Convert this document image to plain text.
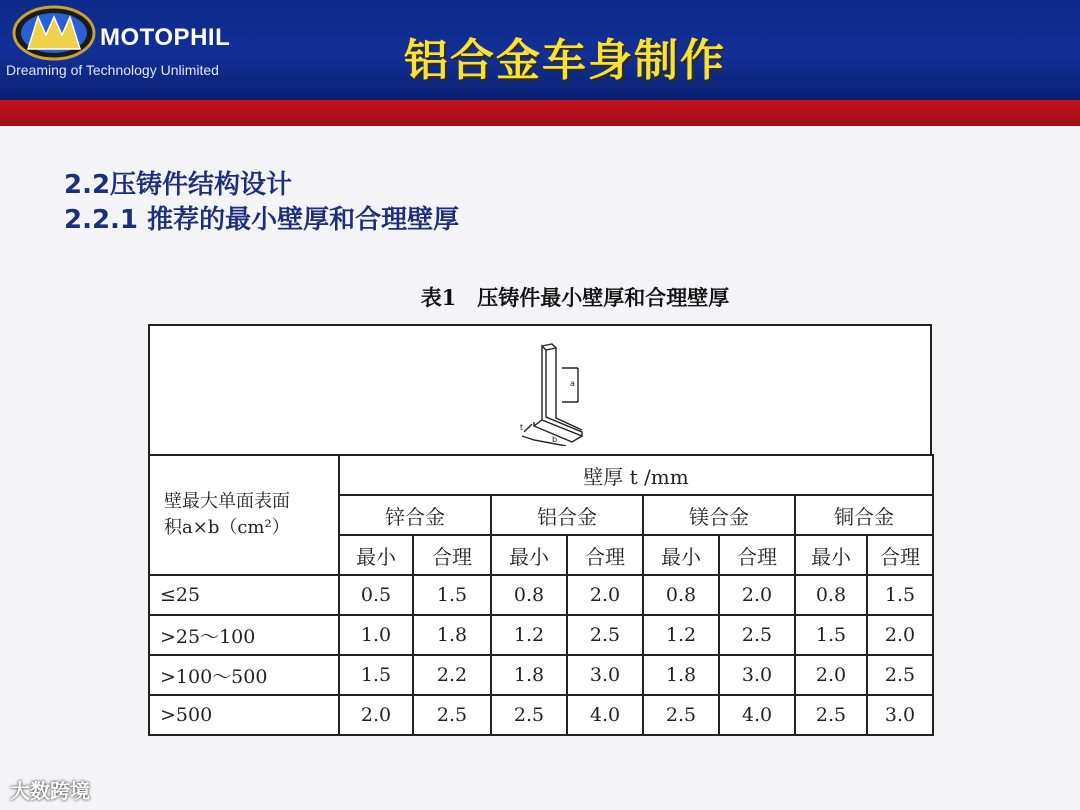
MOTOPHIL
Dreaming of Technology Unlimited	铝合金车身制作
2.2压铸件结构设计
2.2.1 推荐的最小壁厚和合理壁厚
表1　压铸件最小壁厚和合理壁厚
a
b
t
壁最大单面表面
积a×b（cm²）	壁厚 t /mm							
	锌合金		铝合金		镁合金		铜合金	
	最小	合理	最小	合理	最小	合理	最小	合理
≤25	0.5	1.5	0.8	2.0	0.8	2.0	0.8	1.5
>25～100	1.0	1.8	1.2	2.5	1.2	2.5	1.5	2.0
>100～500	1.5	2.2	1.8	3.0	1.8	3.0	2.0	2.5
>500	2.0	2.5	2.5	4.0	2.5	4.0	2.5	3.0
大数跨境
